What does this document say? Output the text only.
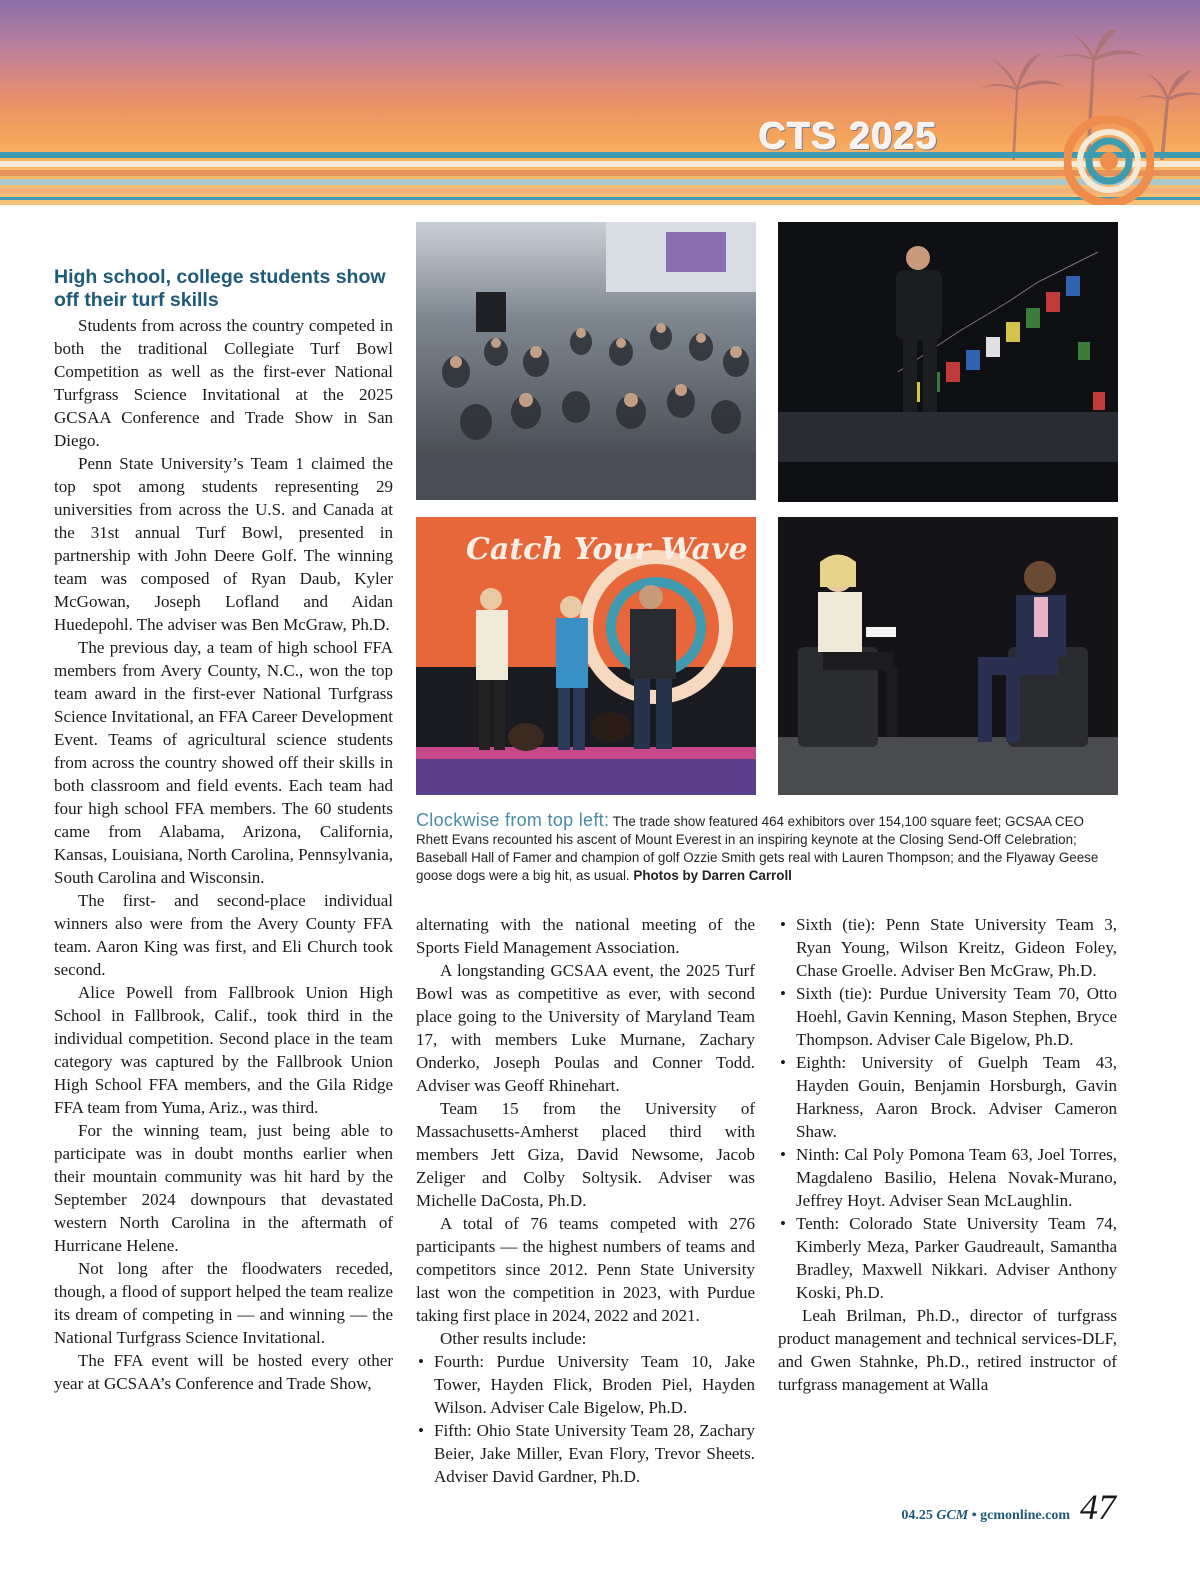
CTS 2025
High school, college students show off their turf skills

Students from across the country competed in both the traditional Collegiate Turf Bowl Competition as well as the first-ever National Turfgrass Science Invitational at the 2025 GCSAA Conference and Trade Show in San Diego.

Penn State University’s Team 1 claimed the top spot among students representing 29 universities from across the U.S. and Canada at the 31st annual Turf Bowl, presented in partnership with John Deere Golf. The winning team was composed of Ryan Daub, Kyler McGowan, Joseph Lofland and Aidan Huedepohl. The adviser was Ben McGraw, Ph.D.

The previous day, a team of high school FFA members from Avery County, N.C., won the top team award in the first-ever National Turfgrass Science Invitational, an FFA Career Development Event. Teams of agricultural science students from across the country showed off their skills in both classroom and field events. Each team had four high school FFA members. The 60 students came from Alabama, Arizona, California, Kansas, Louisiana, North Carolina, Pennsylvania, South Carolina and Wisconsin.

The first- and second-place individual winners also were from the Avery County FFA team. Aaron King was first, and Eli Church took second.

Alice Powell from Fallbrook Union High School in Fallbrook, Calif., took third in the individual competition. Second place in the team category was captured by the Fallbrook Union High School FFA members, and the Gila Ridge FFA team from Yuma, Ariz., was third.

For the winning team, just being able to participate was in doubt months earlier when their mountain community was hit hard by the September 2024 downpours that devastated western North Carolina in the aftermath of Hurricane Helene.

Not long after the floodwaters receded, though, a flood of support helped the team realize its dream of competing in — and winning — the National Turfgrass Science Invitational.

The FFA event will be hosted every other year at GCSAA’s Conference and Trade Show,

Catch Your Wave
Clockwise from top left: The trade show featured 464 exhibitors over 154,100 square feet; GCSAA CEO Rhett Evans recounted his ascent of Mount Everest in an inspiring keynote at the Closing Send-Off Celebration; Baseball Hall of Famer and champion of golf Ozzie Smith gets real with Lauren Thompson; and the Flyaway Geese goose dogs were a big hit, as usual. Photos by Darren Carroll

alternating with the national meeting of the Sports Field Management Association.

A longstanding GCSAA event, the 2025 Turf Bowl was as competitive as ever, with second place going to the University of Maryland Team 17, with members Luke Murnane, Zachary Onderko, Joseph Poulas and Conner Todd. Adviser was Geoff Rhinehart.

Team 15 from the University of Massachusetts-Amherst placed third with members Jett Giza, David Newsome, Jacob Zeliger and Colby Soltysik. Adviser was Michelle DaCosta, Ph.D.

A total of 76 teams competed with 276 participants — the highest numbers of teams and competitors since 2012. Penn State University last won the competition in 2023, with Purdue taking first place in 2024, 2022 and 2021.

Other results include:

• Fourth: Purdue University Team 10, Jake Tower, Hayden Flick, Broden Piel, Hayden Wilson. Adviser Cale Bigelow, Ph.D.
• Fifth: Ohio State University Team 28, Zachary Beier, Jake Miller, Evan Flory, Trevor Sheets. Adviser David Gardner, Ph.D.
• Sixth (tie): Penn State University Team 3, Ryan Young, Wilson Kreitz, Gideon Foley, Chase Groelle. Adviser Ben McGraw, Ph.D.
• Sixth (tie): Purdue University Team 70, Otto Hoehl, Gavin Kenning, Mason Stephen, Bryce Thompson. Adviser Cale Bigelow, Ph.D.
• Eighth: University of Guelph Team 43, Hayden Gouin, Benjamin Horsburgh, Gavin Harkness, Aaron Brock. Adviser Cameron Shaw.
• Ninth: Cal Poly Pomona Team 63, Joel Torres, Magdaleno Basilio, Helena Novak-Murano, Jeffrey Hoyt. Adviser Sean McLaughlin.
• Tenth: Colorado State University Team 74, Kimberly Meza, Parker Gaudreault, Samantha Bradley, Maxwell Nikkari. Adviser Anthony Koski, Ph.D.

Leah Brilman, Ph.D., director of turfgrass product management and technical services-DLF, and Gwen Stahnke, Ph.D., retired instructor of turfgrass management at Walla

04.25 GCM • gcmonline.com 47
